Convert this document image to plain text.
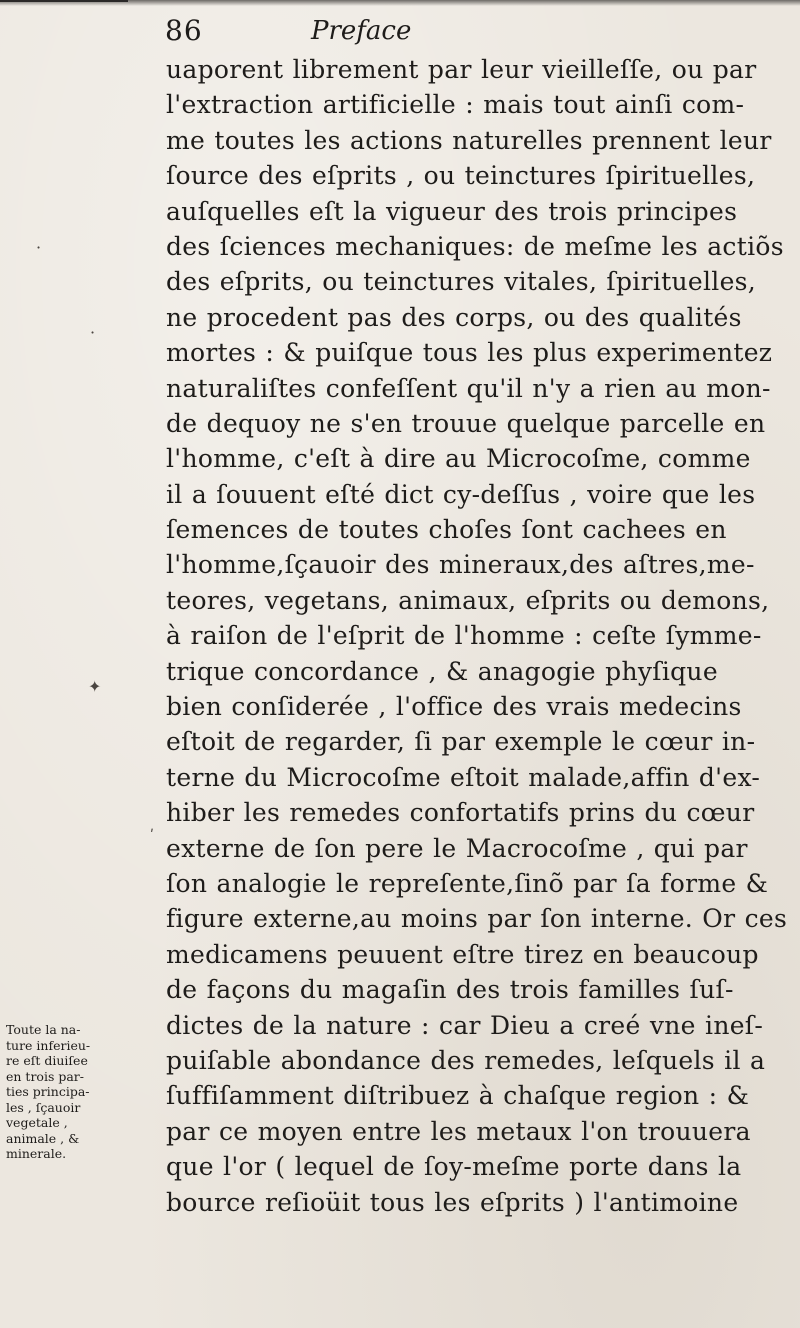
86	Preface
uaporent librement par leur vieilleſſe, ou par
l'extraction artificielle : mais tout ainſi com-
me toutes les actions naturelles prennent leur
ſource des eſprits , ou teinctures ſpirituelles,
auſquelles eſt la vigueur des trois principes
des ſciences mechaniques: de meſme les actiõs
des eſprits, ou teinctures vitales, ſpirituelles,
ne procedent pas des corps, ou des qualités
mortes : & puiſque tous les plus experimentez
naturaliſtes confeſſent qu'il n'y a rien au mon-
de dequoy ne s'en trouue quelque parcelle en
l'homme, c'eſt à dire au Microcoſme, comme
il a ſouuent eſté dict cy-deſſus , voire que les
ſemences de toutes choſes ſont cachees en
l'homme,ſçauoir des mineraux,des aſtres,me-
teores, vegetans, animaux, eſprits ou demons,
à raiſon de l'eſprit de l'homme : ceſte ſymme-
trique concordance , & anagogie phyſique
bien conſiderée , l'office des vrais medecins
eſtoit de regarder, ſi par exemple le cœur in-
terne du Microcoſme eſtoit malade,affin d'ex-
hiber les remedes confortatifs prins du cœur
externe de ſon pere le Macrocoſme , qui par
ſon analogie le repreſente,ſinõ par ſa forme &
figure externe,au moins par ſon interne. Or ces
medicamens peuuent eſtre tirez en beaucoup
de façons du magaſin des trois familles ſuſ-
dictes de la nature : car Dieu a creé vne ineſ-
puiſable abondance des remedes, leſquels il a
ſuffiſamment diſtribuez à chaſque region : &
par ce moyen entre les metaux l'on trouuera
que l'or ( lequel de ſoy-meſme porte dans la
bource reſioüit tous les eſprits ) l'antimoine
Toute la na-
ture inferieu-
re eſt diuiſee
en trois par-
ties principa-
les , ſçauoir
vegetale ,
animale , &
minerale.
✦
·
·
ʹ
